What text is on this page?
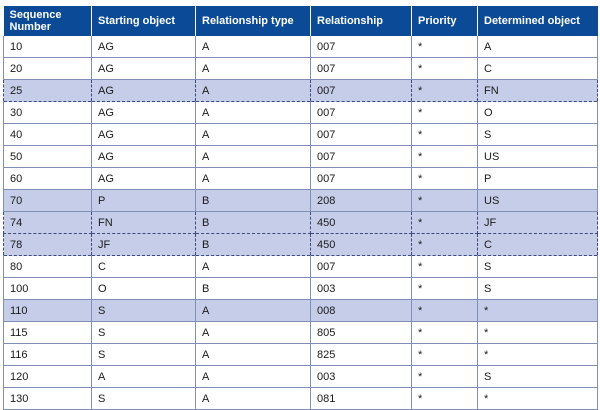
Sequence Number	Starting object	Relationship type	Relationship	Priority	Determined object
10	AG	A	007	*	A
20	AG	A	007	*	C
25	AG	A	007	*	FN
30	AG	A	007	*	O
40	AG	A	007	*	S
50	AG	A	007	*	US
60	AG	A	007	*	P
70	P	B	208	*	US
74	FN	B	450	*	JF
78	JF	B	450	*	C
80	C	A	007	*	S
100	O	B	003	*	S
110	S	A	008	*	*
115	S	A	805	*	*
116	S	A	825	*	*
120	A	A	003	*	S
130	S	A	081	*	*
